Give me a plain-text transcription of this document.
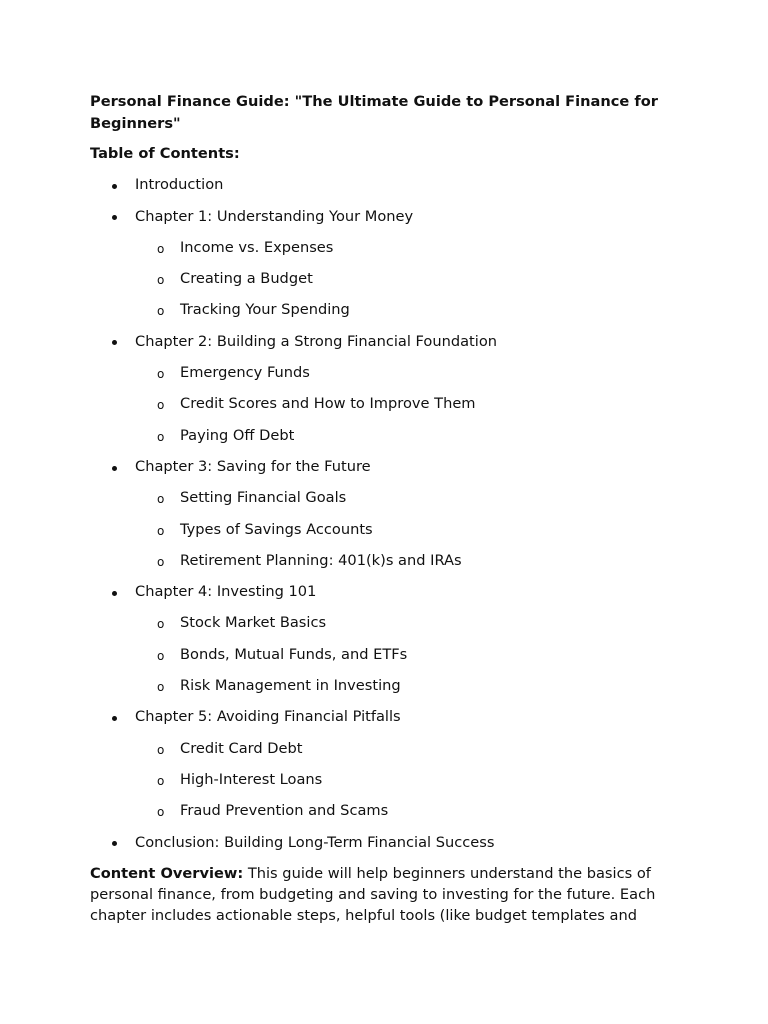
Personal Finance Guide: "The Ultimate Guide to Personal Finance for Beginners"

Table of Contents:

Introduction
Chapter 1: Understanding Your Money
o Income vs. Expenses
o Creating a Budget
o Tracking Your Spending
Chapter 2: Building a Strong Financial Foundation
o Emergency Funds
o Credit Scores and How to Improve Them
o Paying Off Debt
Chapter 3: Saving for the Future
o Setting Financial Goals
o Types of Savings Accounts
o Retirement Planning: 401(k)s and IRAs
Chapter 4: Investing 101
o Stock Market Basics
o Bonds, Mutual Funds, and ETFs
o Risk Management in Investing
Chapter 5: Avoiding Financial Pitfalls
o Credit Card Debt
o High-Interest Loans
o Fraud Prevention and Scams
Conclusion: Building Long-Term Financial Success

Content Overview: This guide will help beginners understand the basics of personal finance, from budgeting and saving to investing for the future. Each chapter includes actionable steps, helpful tools (like budget templates and
